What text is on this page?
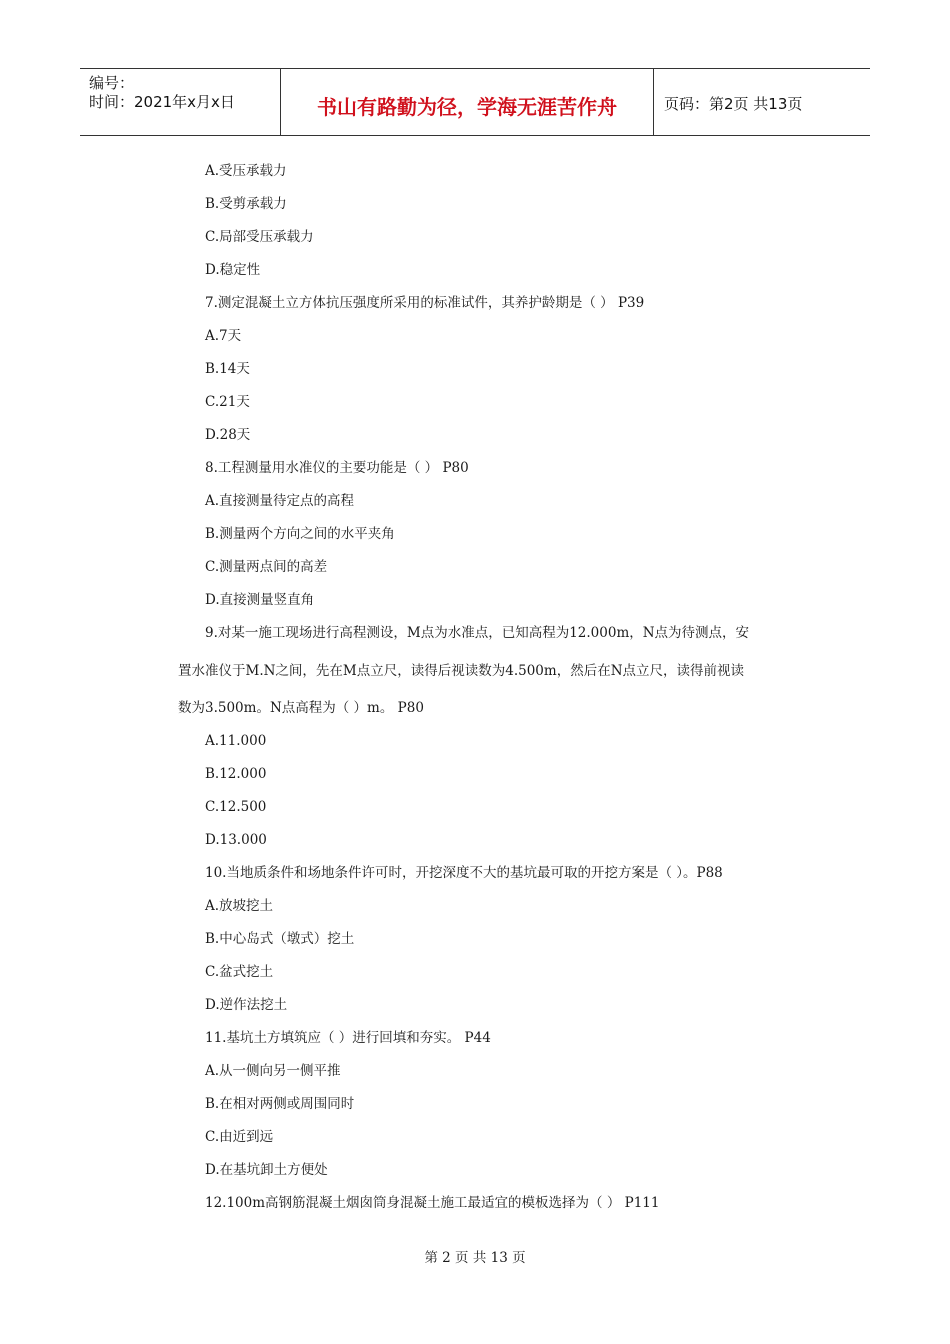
编号：
时间：2021年x月x日	书山有路勤为径，学海无涯苦作舟	页码：第2页 共13页
A.受压承载力
B.受剪承载力
C.局部受压承载力
D.稳定性
7.测定混凝土立方体抗压强度所采用的标准试件，其养护龄期是（ ） P39
A.7天
B.14天
C.21天
D.28天
8.工程测量用水准仪的主要功能是（ ） P80
A.直接测量待定点的高程
B.测量两个方向之间的水平夹角
C.测量两点间的高差
D.直接测量竖直角
9.对某一施工现场进行高程测设，M点为水准点，已知高程为12.000m，N点为待测点，安
置水准仪于M.N之间，先在M点立尺，读得后视读数为4.500m，然后在N点立尺，读得前视读
数为3.500m。N点高程为（ ）m。 P80
A.11.000
B.12.000
C.12.500
D.13.000
10.当地质条件和场地条件许可时，开挖深度不大的基坑最可取的开挖方案是（ ）。P88
A.放坡挖土
B.中心岛式（墩式）挖土
C.盆式挖土
D.逆作法挖土
11.基坑土方填筑应（ ）进行回填和夯实。 P44
A.从一侧向另一侧平推
B.在相对两侧或周围同时
C.由近到远
D.在基坑卸土方便处
12.100m高钢筋混凝土烟囱筒身混凝土施工最适宜的模板选择为（ ） P111
第 2 页 共 13 页
